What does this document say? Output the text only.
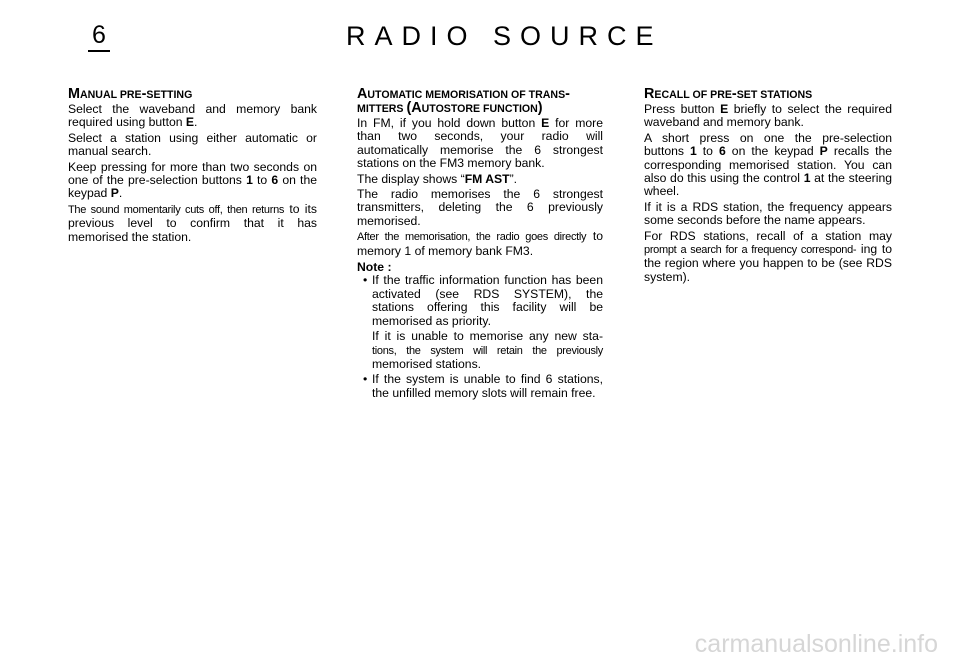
6	RADIO SOURCE
MANUAL PRE-SETTING
Select the waveband and memory bank required using button E.
Select a station using either automatic or manual search.
Keep pressing for more than two seconds on one of the pre-selection buttons 1 to 6 on the keypad P.
The sound momentarily cuts off, then returns to its previous level to confirm that it has memorised the station.
AUTOMATIC MEMORISATION OF TRANS-
MITTERS (AUTOSTORE FUNCTION)
In FM, if you hold down button E for more than two seconds, your radio will automatically memorise the 6 strongest stations on the FM3 memory bank.
The display shows “FM AST”.
The radio memorises the 6 strongest transmitters, deleting the 6 previously memorised.
After the memorisation, the radio goes directly to memory 1 of memory bank FM3.
Note :
• If the traffic information function has been activated (see RDS SYSTEM), the stations offering this facility will be memorised as priority.
If it is unable to memorise any new sta- tions, the system will retain the previously memorised stations.
• If the system is unable to find 6 stations, the unfilled memory slots will remain free.
RECALL OF PRE-SET STATIONS
Press button E briefly to select the required waveband and memory bank.
A short press on one the pre-selection buttons 1 to 6 on the keypad P recalls the corresponding memorised station. You can also do this using the control 1 at the steering wheel.
If it is a RDS station, the frequency appears some seconds before the name appears.
For RDS stations, recall of a station may prompt a search for a frequency correspond- ing to the region where you happen to be (see RDS system).
carmanualsonline.info
